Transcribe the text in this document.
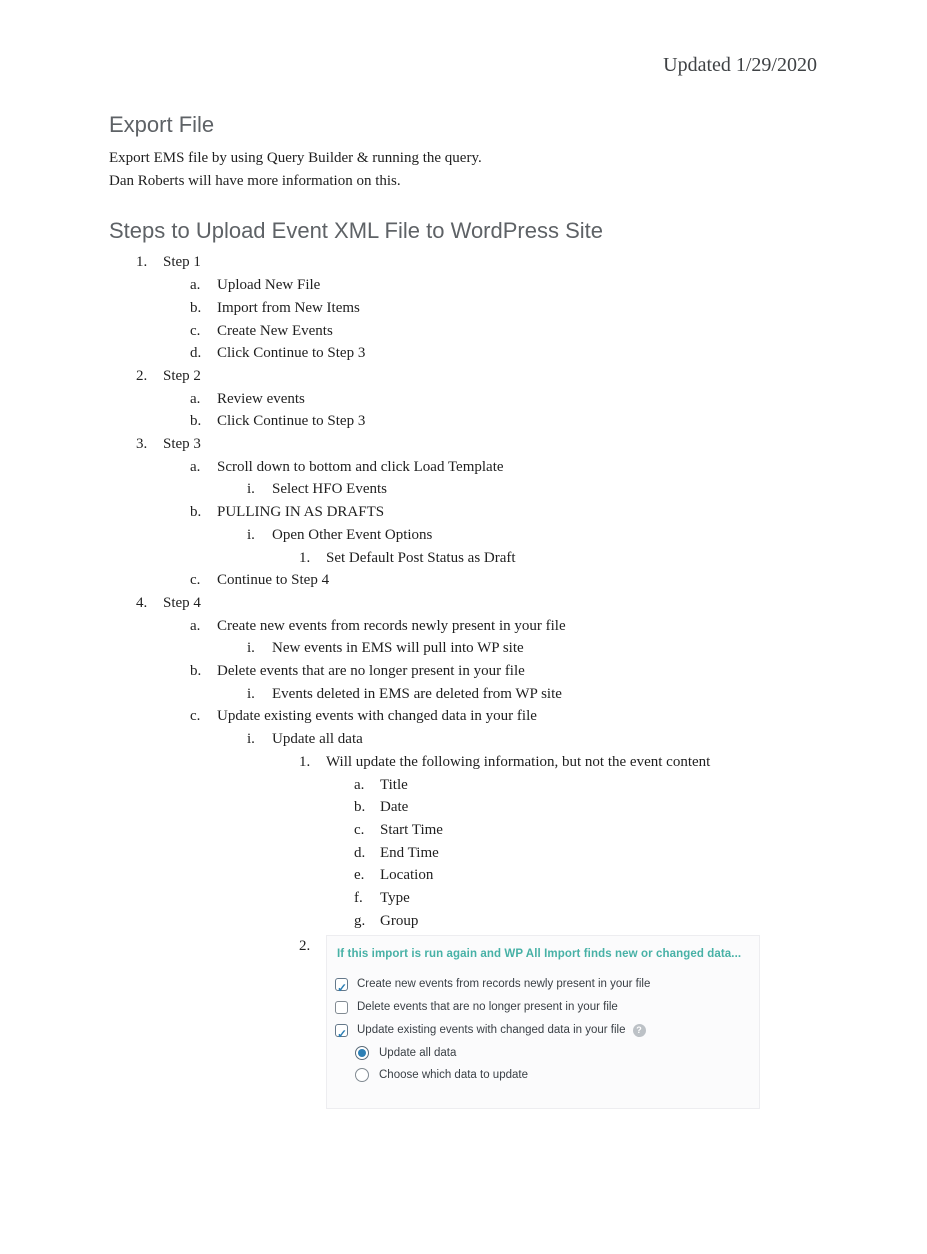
Updated 1/29/2020
Export File
Export EMS file by using Query Builder & running the query.
Dan Roberts will have more information on this.
Steps to Upload Event XML File to WordPress Site
1. Step 1
a. Upload New File
b. Import from New Items
c. Create New Events
d. Click Continue to Step 3
2. Step 2
a. Review events
b. Click Continue to Step 3
3. Step 3
a. Scroll down to bottom and click Load Template
i. Select HFO Events
b. PULLING IN AS DRAFTS
i. Open Other Event Options
1. Set Default Post Status as Draft
c. Continue to Step 4
4. Step 4
a. Create new events from records newly present in your file
i. New events in EMS will pull into WP site
b. Delete events that are no longer present in your file
i. Events deleted in EMS are deleted from WP site
c. Update existing events with changed data in your file
i. Update all data
1. Will update the following information, but not the event content
a. Title
b. Date
c. Start Time
d. End Time
e. Location
f. Type
g. Group
2. If this import is run again and WP All Import finds new or changed data...
✓
Create new events from records newly present in your file
Delete events that are no longer present in your file
✓
Update existing events with changed data in your file
?
Update all data
Choose which data to update
